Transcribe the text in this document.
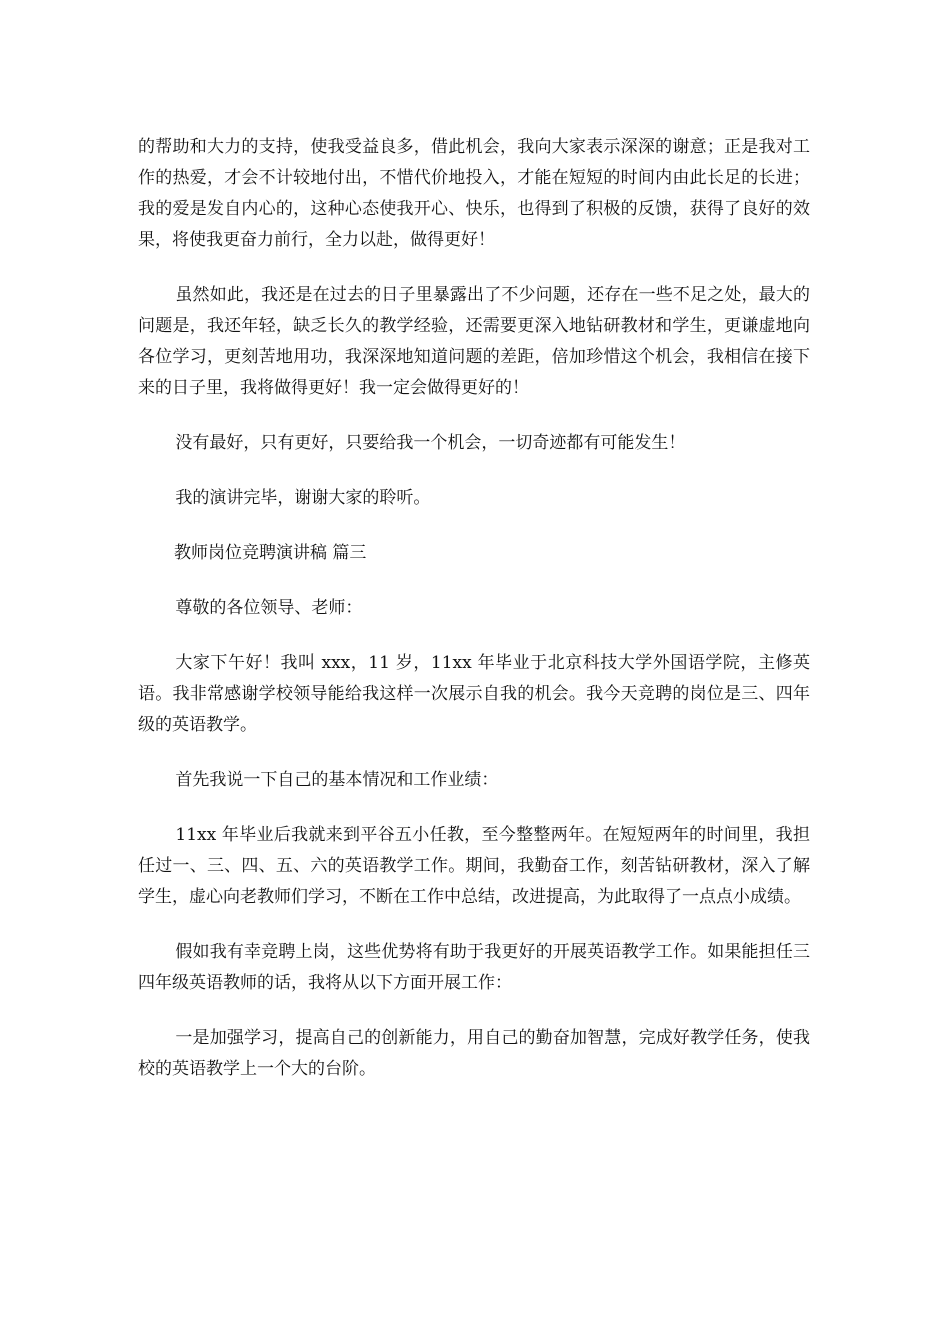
的帮助和大力的支持，使我受益良多，借此机会，我向大家表示深深的谢意；正是我对工作的热爱，才会不计较地付出，不惜代价地投入，才能在短短的时间内由此长足的长进；我的爱是发自内心的，这种心态使我开心、快乐，也得到了积极的反馈，获得了良好的效果，将使我更奋力前行，全力以赴，做得更好！

虽然如此，我还是在过去的日子里暴露出了不少问题，还存在一些不足之处，最大的问题是，我还年轻，缺乏长久的教学经验，还需要更深入地钻研教材和学生，更谦虚地向各位学习，更刻苦地用功，我深深地知道问题的差距，倍加珍惜这个机会，我相信在接下来的日子里，我将做得更好！我一定会做得更好的！

没有最好，只有更好，只要给我一个机会，一切奇迹都有可能发生！

我的演讲完毕，谢谢大家的聆听。

教师岗位竞聘演讲稿 篇三

尊敬的各位领导、老师：

大家下午好！我叫 xxx，11 岁，11xx 年毕业于北京科技大学外国语学院，主修英语。我非常感谢学校领导能给我这样一次展示自我的机会。我今天竞聘的岗位是三、四年级的英语教学。

首先我说一下自己的基本情况和工作业绩：

11xx 年毕业后我就来到平谷五小任教，至今整整两年。在短短两年的时间里，我担任过一、三、四、五、六的英语教学工作。期间，我勤奋工作，刻苦钻研教材，深入了解学生，虚心向老教师们学习，不断在工作中总结，改进提高，为此取得了一点点小成绩。

假如我有幸竞聘上岗，这些优势将有助于我更好的开展英语教学工作。如果能担任三四年级英语教师的话，我将从以下方面开展工作：

一是加强学习，提高自己的创新能力，用自己的勤奋加智慧，完成好教学任务，使我校的英语教学上一个大的台阶。
